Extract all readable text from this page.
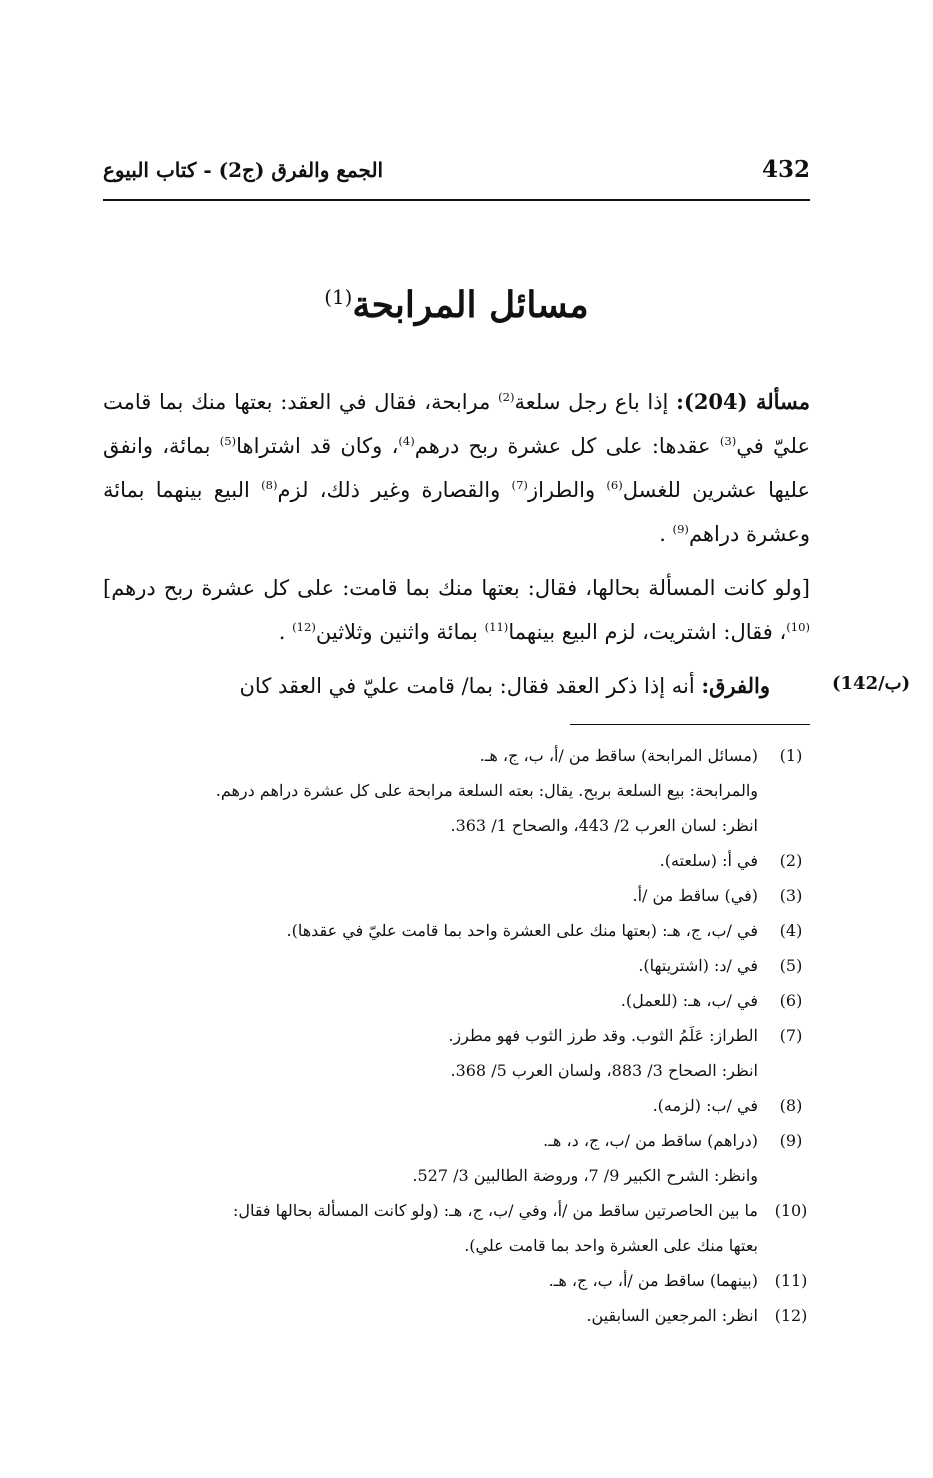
432
الجمع والفرق (ج2) - كتاب البيوع
مسائل المرابحة$^{(1)}$

مسألة (204): إذا باع رجل سلعة$^{(2)}$ مرابحة، فقال في العقد: بعتها منك بما قامت عليّ في$^{(3)}$ عقدها: على كل عشرة ربح درهم$^{(4)}$، وكان قد اشتراها$^{(5)}$ بمائة، وانفق عليها عشرين للغسل$^{(6)}$ والطراز$^{(7)}$ والقصارة وغير ذلك، لزم$^{(8)}$ البيع بينهما بمائة وعشرة دراهم$^{(9)}$ .

[ولو كانت المسألة بحالها، فقال: بعتها منك بما قامت: على كل عشرة ربح درهم]$^{(10)}$، فقال: اشتريت، لزم البيع بينهما$^{(11)}$ بمائة واثنين وثلاثين$^{(12)}$ .

والفرق: أنه إذا ذكر العقد فقال: بما/ قامت عليّ في العقد كان	(142/ب)
(1)
(مسائل المرابحة) ساقط من /أ، ب، ج، هـ.
والمرابحة: بيع السلعة بربح. يقال: بعته السلعة مرابحة على كل عشرة دراهم درهم.
انظر: لسان العرب 2/ 443، والصحاح 1/ 363.
(2)
في أ: (سلعته).
(3)
(في) ساقط من /أ.
(4)
في /ب، ج، هـ: (بعتها منك على العشرة واحد بما قامت عليّ في عقدها).
(5)
في /د: (اشتريتها).
(6)
في /ب، هـ: (للعمل).
(7)
الطراز: عَلَمُ الثوب. وقد طرز الثوب فهو مطرز.
انظر: الصحاح 3/ 883، ولسان العرب 5/ 368.
(8)
في /ب: (لزمه).
(9)
(دراهم) ساقط من /ب، ج، د، هـ.
وانظر: الشرح الكبير 9/ 7، وروضة الطالبين 3/ 527.
(10)
ما بين الحاصرتين ساقط من /أ، وفي /ب، ج، هـ: (ولو كانت المسألة بحالها فقال:
بعتها منك على العشرة واحد بما قامت علي).
(11)
(بينهما) ساقط من /أ، ب، ج، هـ.
(12)
انظر: المرجعين السابقين.
